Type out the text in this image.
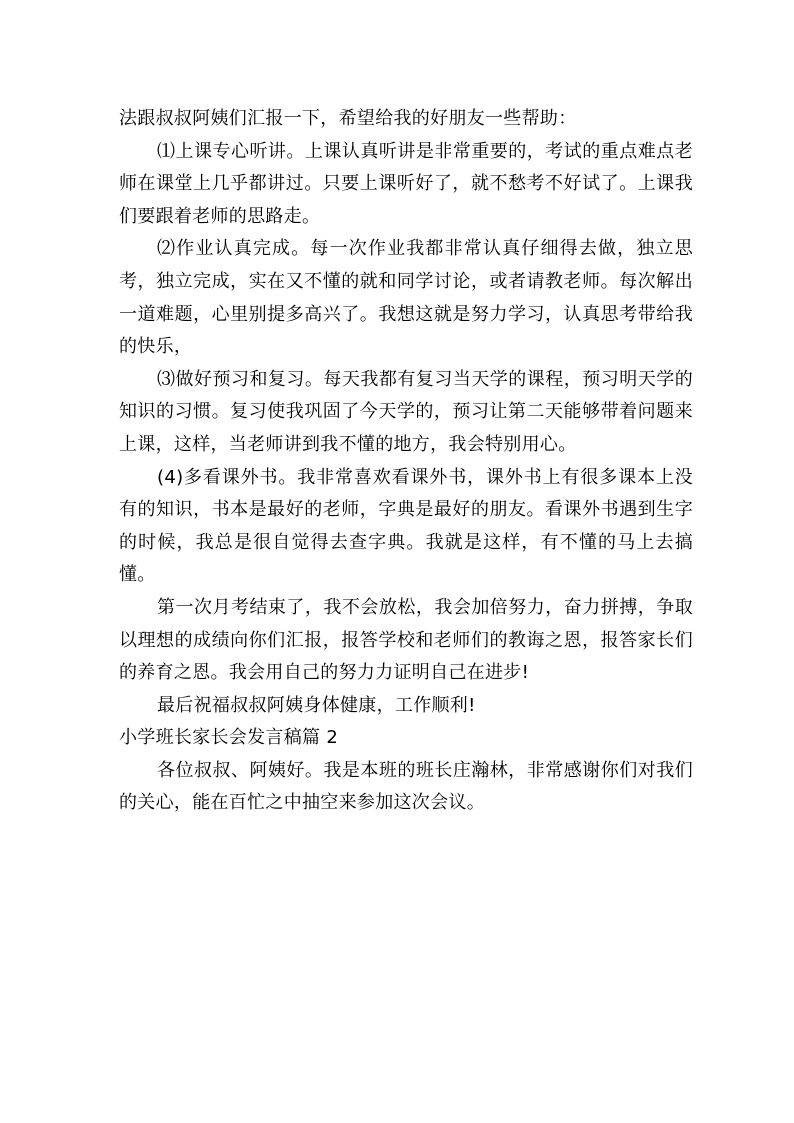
法跟叔叔阿姨们汇报一下，希望给我的好朋友一些帮助：

⑴上课专心听讲。上课认真听讲是非常重要的，考试的重点难点老师在课堂上几乎都讲过。只要上课听好了，就不愁考不好试了。上课我们要跟着老师的思路走。

⑵作业认真完成。每一次作业我都非常认真仔细得去做，独立思考，独立完成，实在又不懂的就和同学讨论，或者请教老师。每次解出一道难题，心里别提多高兴了。我想这就是努力学习，认真思考带给我的快乐，

⑶做好预习和复习。每天我都有复习当天学的课程，预习明天学的知识的习惯。复习使我巩固了今天学的，预习让第二天能够带着问题来上课，这样，当老师讲到我不懂的地方，我会特别用心。

(4)多看课外书。我非常喜欢看课外书，课外书上有很多课本上没有的知识，书本是最好的老师，字典是最好的朋友。看课外书遇到生字的时候，我总是很自觉得去查字典。我就是这样，有不懂的马上去搞懂。

第一次月考结束了，我不会放松，我会加倍努力，奋力拼搏，争取以理想的成绩向你们汇报，报答学校和老师们的教诲之恩，报答家长们的养育之恩。我会用自己的努力力证明自己在进步!

最后祝福叔叔阿姨身体健康，工作顺利!

小学班长家长会发言稿篇 2

各位叔叔、阿姨好。我是本班的班长庄瀚林，非常感谢你们对我们的关心，能在百忙之中抽空来参加这次会议。
